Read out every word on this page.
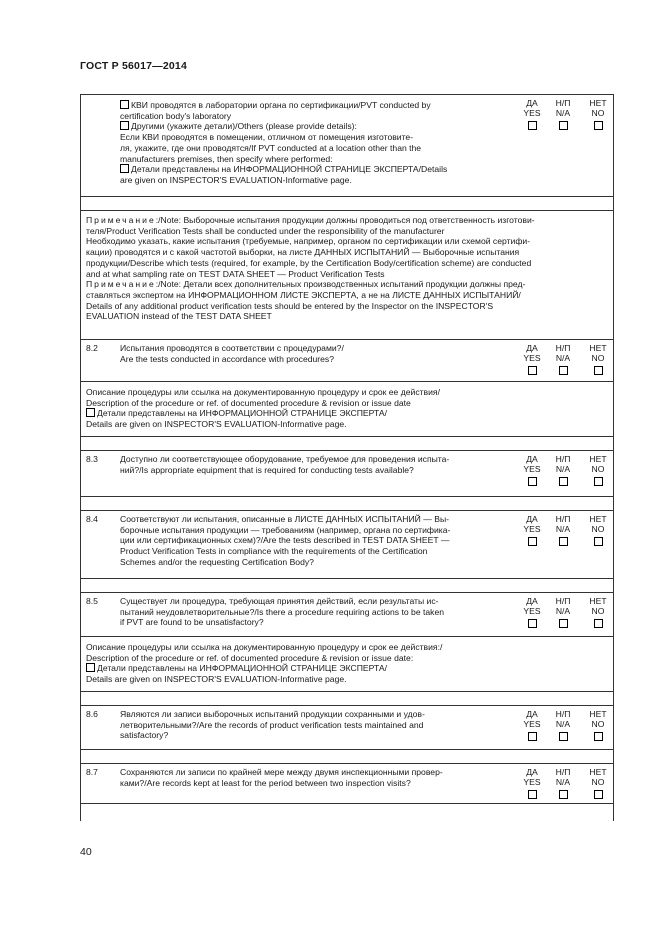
ГОСТ Р 56017—2014
КВИ проводятся в лаборатории органа по сертификации/PVT conducted by
certification body's laboratory
Другими (укажите детали)/Others (please provide details):
Если КВИ проводятся в помещении, отличном от помещения изготовите-
ля, укажите, где они проводятся/If PVT conducted at a location other than the
manufacturers premises, then specify where performed:
Детали представлены на ИНФОРМАЦИОННОЙ СТРАНИЦЕ ЭКСПЕРТА/Details
are given on INSPECTOR'S EVALUATION-Informative page.
ДА
YES
Н/П
N/A
НЕТ
NO
Примечание:/Note: Выборочные испытания продукции должны проводиться под ответственность изготови-
теля/Product Verification Tests shall be conducted under the responsibility of the manufacturer
Необходимо указать, какие испытания (требуемые, например, органом по сертификации или схемой сертифи-
кации) проводятся и с какой частотой выборки, на листе ДАННЫХ ИСПЫТАНИЙ — Выборочные испытания
продукции/Describe which tests (required, for example, by the Certification Body/certification scheme) are conducted
and at what sampling rate on TEST DATA SHEET — Product Verification Tests
Примечание:/Note: Детали всех дополнительных производственных испытаний продукции должны пред-
ставляться экспертом на ИНФОРМАЦИОННОМ ЛИСТЕ ЭКСПЕРТА, а не на ЛИСТЕ ДАННЫХ ИСПЫТАНИЙ/
Details of any additional product verification tests should be entered by the Inspector on the INSPECTOR'S
EVALUATION instead of the TEST DATA SHEET
8.2	Испытания проводятся в соответствии с процедурами?/
Are the tests conducted in accordance with procedures?
ДА
YES
Н/П
N/A
НЕТ
NO
Описание процедуры или ссылка на документированную процедуру и срок ее действия/
Description of the procedure or ref. of documented procedure & revision or issue date
Детали представлены на ИНФОРМАЦИОННОЙ СТРАНИЦЕ ЭКСПЕРТА/
Details are given on INSPECTOR'S EVALUATION-Informative page.
8.3	Доступно ли соответствующее оборудование, требуемое для проведения испыта-
ний?/Is appropriate equipment that is required for conducting tests available?
ДА
YES
Н/П
N/A
НЕТ
NO
8.4	Соответствуют ли испытания, описанные в ЛИСТЕ ДАННЫХ ИСПЫТАНИЙ — Вы-
борочные испытания продукции — требованиям (например, органа по сертифика-
ции или сертификационных схем)?/Are the tests described in TEST DATA SHEET —
Product Verification Tests in compliance with the requirements of the Certification
Schemes and/or the requesting Certification Body?
ДА
YES
Н/П
N/A
НЕТ
NO
8.5	Существует ли процедура, требующая принятия действий, если результаты ис-
пытаний неудовлетворительные?/Is there a procedure requiring actions to be taken
if PVT are found to be unsatisfactory?
ДА
YES
Н/П
N/A
НЕТ
NO
Описание процедуры или ссылка на документированную процедуру и срок ее действия:/
Description of the procedure or ref. of documented procedure & revision or issue date:
Детали представлены на ИНФОРМАЦИОННОЙ СТРАНИЦЕ ЭКСПЕРТА/
Details are given on INSPECTOR'S EVALUATION-Informative page.
8.6	Являются ли записи выборочных испытаний продукции сохранными и удов-
летворительными?/Are the records of product verification tests maintained and
satisfactory?
ДА
YES
Н/П
N/A
НЕТ
NO
8.7	Сохраняются ли записи по крайней мере между двумя инспекционными провер-
ками?/Are records kept at least for the period between two inspection visits?
ДА
YES
Н/П
N/A
НЕТ
NO
40
